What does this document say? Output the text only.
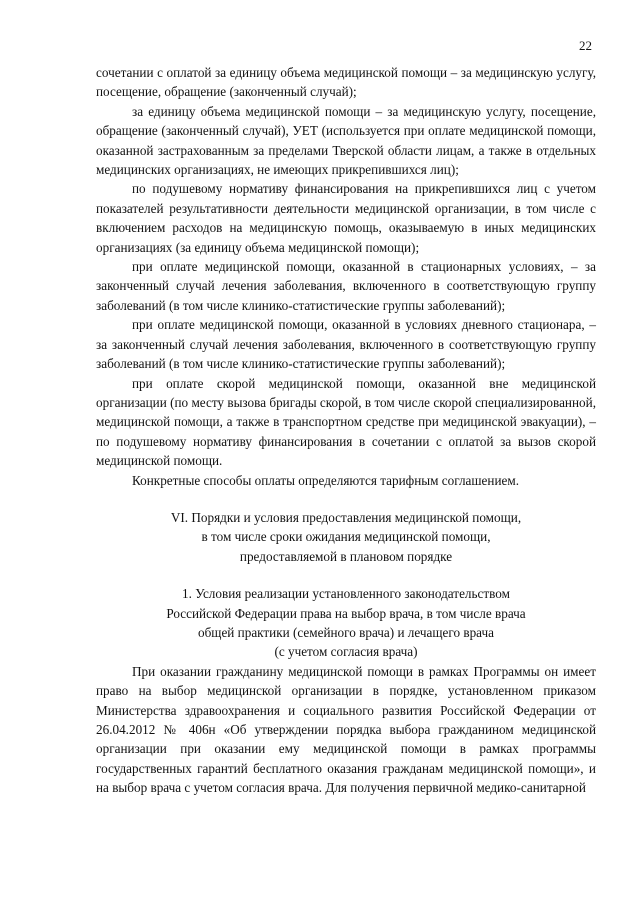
22

сочетании с оплатой за единицу объема медицинской помощи – за медицинскую услугу, посещение, обращение (законченный случай);

за единицу объема медицинской помощи – за медицинскую услугу, посещение, обращение (законченный случай), УЕТ (используется при оплате медицинской помощи, оказанной застрахованным за пределами Тверской области лицам, а также в отдельных медицинских организациях, не имеющих прикрепившихся лиц);

по подушевому нормативу финансирования на прикрепившихся лиц с учетом показателей результативности деятельности медицинской организации, в том числе с включением расходов на медицинскую помощь, оказываемую в иных медицинских организациях (за единицу объема медицинской помощи);

при оплате медицинской помощи, оказанной в стационарных условиях, – за законченный случай лечения заболевания, включенного в соответствующую группу заболеваний (в том числе клинико-статистические группы заболеваний);

при оплате медицинской помощи, оказанной в условиях дневного стационара, – за законченный случай лечения заболевания, включенного в соответствующую группу заболеваний (в том числе клинико-статистические группы заболеваний);

при оплате скорой медицинской помощи, оказанной вне медицинской организации (по месту вызова бригады скорой, в том числе скорой специализированной, медицинской помощи, а также в транспортном средстве при медицинской эвакуации), – по подушевому нормативу финансирования в сочетании с оплатой за вызов скорой медицинской помощи.

Конкретные способы оплаты определяются тарифным соглашением.

VI. Порядки и условия предоставления медицинской помощи,
в том числе сроки ожидания медицинской помощи,
предоставляемой в плановом порядке
1. Условия реализации установленного законодательством
Российской Федерации права на выбор врача, в том числе врача
общей практики (семейного врача) и лечащего врача
(с учетом согласия врача)

При оказании гражданину медицинской помощи в рамках Программы он имеет право на выбор медицинской организации в порядке, установленном приказом Министерства здравоохранения и социального развития Российской Федерации от 26.04.2012 № 406н «Об утверждении порядка выбора гражданином медицинской организации при оказании ему медицинской помощи в рамках программы государственных гарантий бесплатного оказания гражданам медицинской помощи», и на выбор врача с учетом согласия врача. Для получения первичной медико-санитарной
